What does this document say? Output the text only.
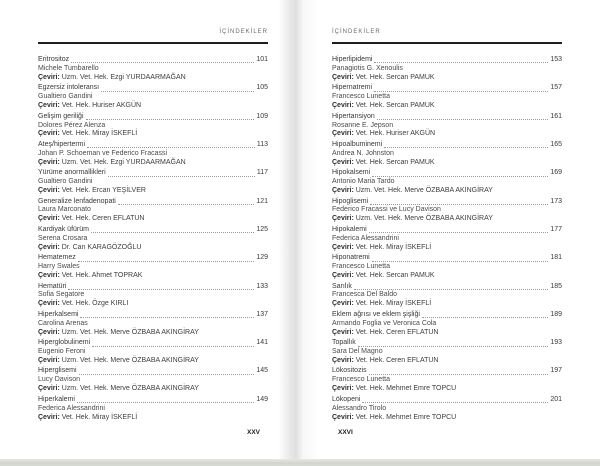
İÇİNDEKİLER
Eritrositoz	101
Michele Tumbarello
Çeviri: Uzm. Vet. Hek. Ezgi YURDAARMAĞAN
Egzersiz intoleransı	105
Gualtiero Gandini
Çeviri: Vet. Hek. Huriser AKGÜN
Gelişim geriliği	109
Dolores Pérez Alenza
Çeviri: Vet. Hek. Miray İSKEFLİ
Ateş/hipertermi	113
Johan P. Schoeman ve Federico Fracassi
Çeviri: Uzm. Vet. Hek. Ezgi YURDAARMAĞAN
Yürüme anormallikleri	117
Gualtiero Gandini
Çeviri: Vet. Hek. Ercan YEŞİLVER
Generalize lenfadenopati	121
Laura Marconato
Çeviri: Vet. Hek. Ceren EFLATUN
Kardiyak üfürüm	125
Serena Crosara
Çeviri: Dr. Can KARAGÖZOĞLU
Hematemez	129
Harry Swales
Çeviri: Vet. Hek. Ahmet TOPRAK
Hematüri	133
Sofia Segatore
Çeviri: Vet. Hek. Özge KIRLI
Hiperkalsemi	137
Carolina Arenas
Çeviri: Uzm. Vet. Hek. Merve ÖZBABA AKINGİRAY
Hiperglobulinemi	141
Eugenio Feroni
Çeviri: Uzm. Vet. Hek. Merve ÖZBABA AKINGİRAY
Hiperglisemi	145
Lucy Davison
Çeviri: Uzm. Vet. Hek. Merve ÖZBABA AKINGİRAY
Hiperkalemi	149
Federica Alessandrini
Çeviri: Vet. Hek. Miray İSKEFLİ
XXV
İÇİNDEKİLER
Hiperlipidemi	153
Panagiotis G. Xenoulis
Çeviri: Vet. Hek. Sercan PAMUK
Hipernatremi	157
Francesco Lunetta
Çeviri: Vet. Hek. Sercan PAMUK
Hipertansiyon	161
Rosanne E. Jepson
Çeviri: Vet. Hek. Huriser AKGÜN
Hipoalbuminemi	165
Andrea N. Johnston
Çeviri: Vet. Hek. Sercan PAMUK
Hipokalsemi	169
Antonio Maria Tardo
Çeviri: Uzm. Vet. Hek. Merve ÖZBABA AKINGİRAY
Hipoglisemi	173
Federico Fracassi ve Lucy Davison
Çeviri: Uzm. Vet. Hek. Merve ÖZBABA AKINGİRAY
Hipokalemi	177
Federica Alessandrini
Çeviri: Vet. Hek. Miray İSKEFLİ
Hiponatremi	181
Francesco Lunetta
Çeviri: Vet. Hek. Sercan PAMUK
Sarılık	185
Francesca Del Baldo
Çeviri: Vet. Hek. Miray İSKEFLİ
Eklem ağrısı ve eklem şişliği	189
Armando Foglia ve Veronica Cola
Çeviri: Vet. Hek. Ceren EFLATUN
Topallık	193
Sara Del Magno
Çeviri: Vet. Hek. Ceren EFLATUN
Lökositozis	197
Francesco Lunetta
Çeviri: Vet. Hek. Mehmet Emre TOPCU
Lökopeni	201
Alessandro Tirolo
Çeviri: Vet. Hek. Mehmet Emre TOPCU
XXVI
